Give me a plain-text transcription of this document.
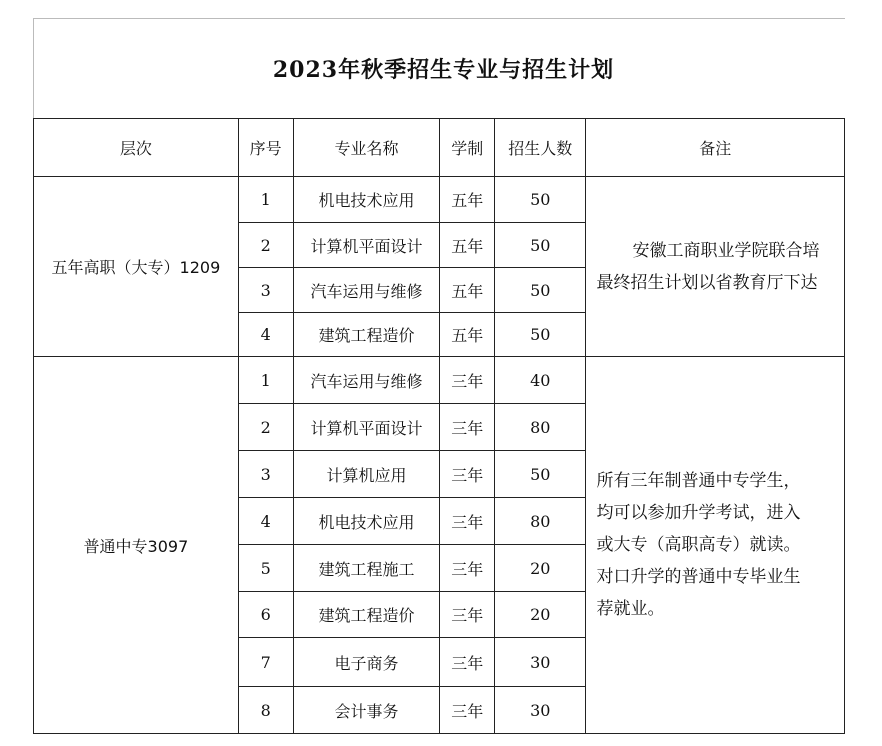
2023年秋季招生专业与招生计划
层次	序号	专业名称	学制	招生人数	备注
五年高职（大专）1209	1	机电技术应用	五年	50	安徽工商职业学院联合培
最终招生计划以省教育厅下达

	2	计算机平面设计	五年	50	
	3	汽车运用与维修	五年	50	
	4	建筑工程造价	五年	50	
普通中专3097	1	汽车运用与维修	三年	40	所有三年制普通中专学生，
均可以参加升学考试，进入
或大专（高职高专）就读。
对口升学的普通中专毕业生
荐就业。

	2	计算机平面设计	三年	80	
	3	计算机应用	三年	50	
	4	机电技术应用	三年	80	
	5	建筑工程施工	三年	20	
	6	建筑工程造价	三年	20	
	7	电子商务	三年	30	
	8	会计事务	三年	30	
